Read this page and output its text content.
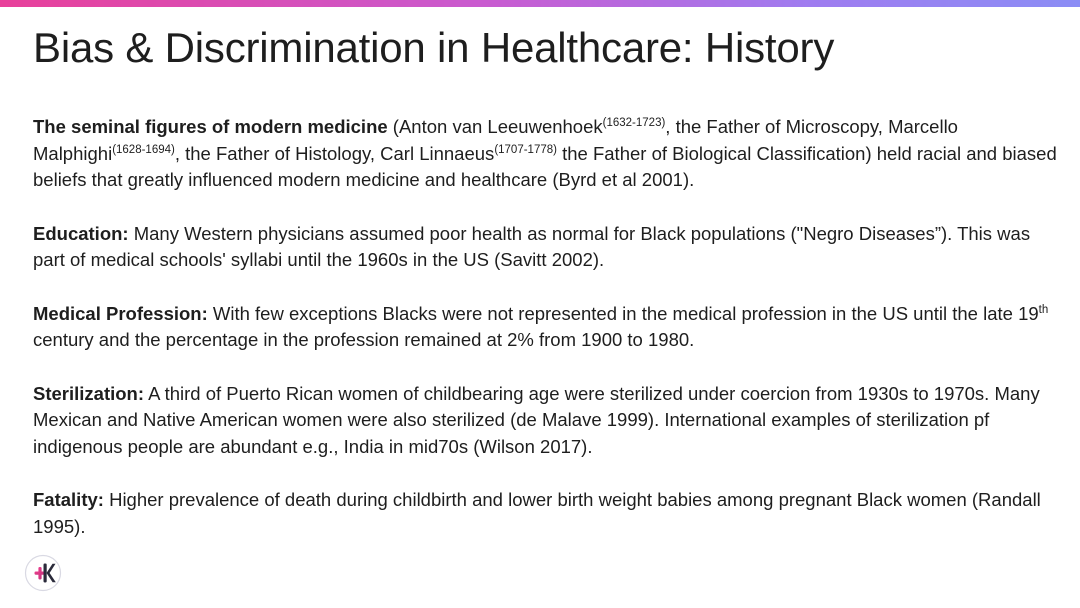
Bias & Discrimination in Healthcare: History

The seminal figures of modern medicine (Anton van Leeuwenhoek$^{(1632-1723)}$, the Father of Microscopy, Marcello Malphighi$^{(1628-1694)}$, the Father of Histology, Carl Linnaeus$^{(1707-1778)}$ the Father of Biological Classification) held racial and biased beliefs that greatly influenced modern medicine and healthcare (Byrd et al 2001).

Education: Many Western physicians assumed poor health as normal for Black populations ("Negro Diseases”). This was part of medical schools' syllabi until the 1960s in the US (Savitt 2002).

Medical Profession: With few exceptions Blacks were not represented in the medical profession in the US until the late 19th century and the percentage in the profession remained at 2% from 1900 to 1980.

Sterilization: A third of Puerto Rican women of childbearing age were sterilized under coercion from 1930s to 1970s. Many Mexican and Native American women were also sterilized (de Malave 1999). International examples of sterilization pf indigenous people are abundant e.g., India in mid70s (Wilson 2017).

Fatality: Higher prevalence of death during childbirth and lower birth weight babies among pregnant Black women (Randall 1995).
